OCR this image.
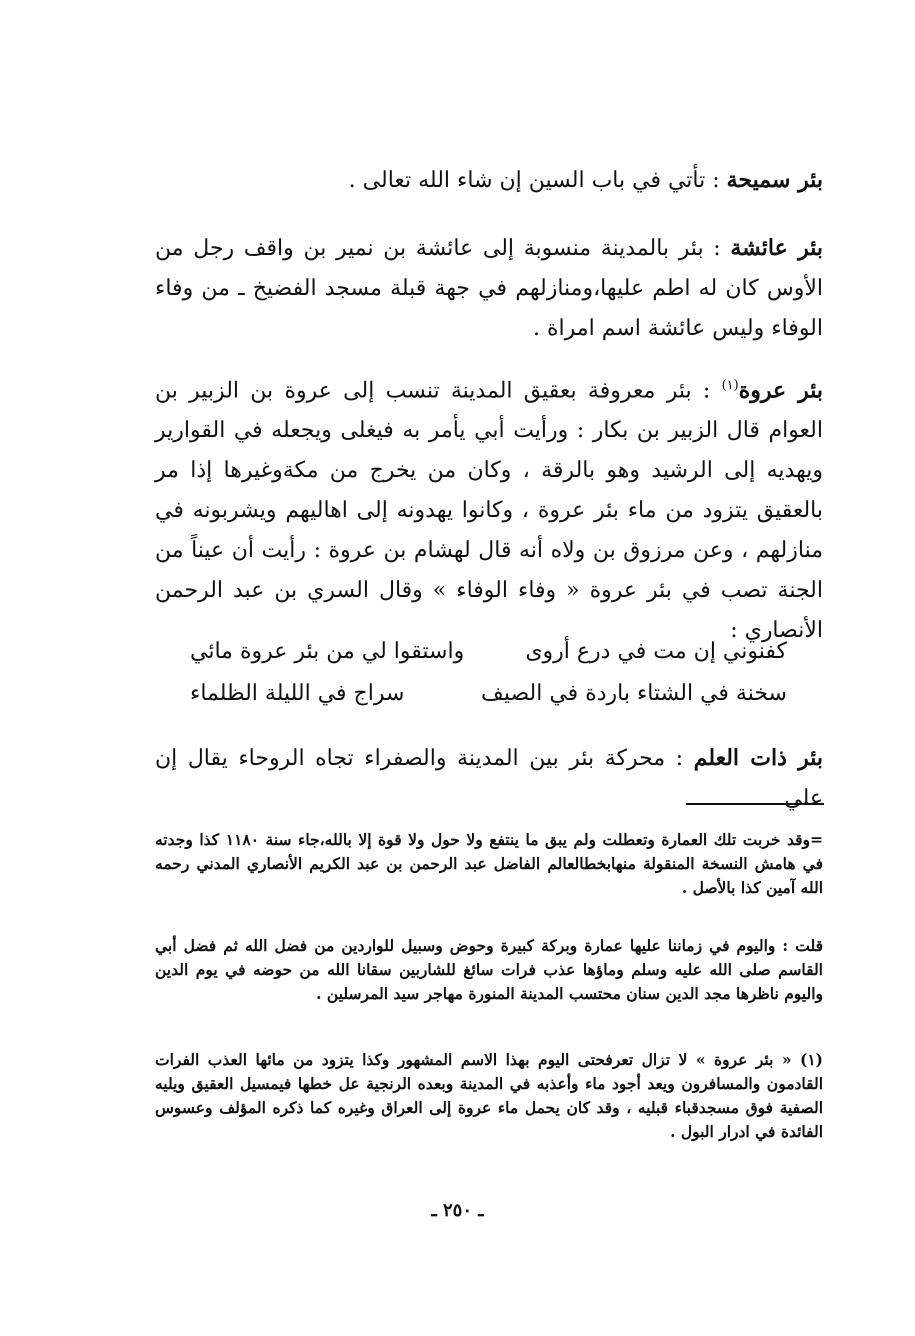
بئر سميحة : تأتي في باب السين إن شاء الله تعالى .

بئر عائشة : بئر بالمدينة منسوبة إلى عائشة بن نمير بن واقف رجل من الأوس كان له اطم عليها،ومنازلهم في جهة قبلة مسجد الفضيخ ـ من وفاء الوفاء وليس عائشة اسم امراة .

بئر عروة$^{(١)}$ : بئر معروفة بعقيق المدينة تنسب إلى عروة بن الزبير بن العوام قال الزبير بن بكار : ورأيت أبي يأمر به فيغلى ويجعله في القوارير ويهديه إلى الرشيد وهو بالرقة ، وكان من يخرج من مكةوغيرها إذا مر بالعقيق يتزود من ماء بئر عروة ، وكانوا يهدونه إلى اهاليهم ويشربونه في منازلهم ، وعن مرزوق بن ولاه أنه قال لهشام بن عروة : رأيت أن عيناً من الجنة تصب في بئر عروة « وفاء الوفاء » وقال السري بن عبد الرحمن الأنصاري :

كفنوني إن مت في درع أروى
واستقوا لي من بئر عروة مائي
سخنة في الشتاء باردة في الصيف
سراج في الليلة الظلماء

بئر ذات العلم : محركة بئر بين المدينة والصفراء تجاه الروحاء يقال إن علي

=وقد خربت تلك العمارة وتعطلت ولم يبق ما ينتفع ولا حول ولا قوة إلا بالله،جاء سنة ١١٨٠ كذا وجدته في هامش النسخة المنقولة منهابخطالعالم الفاضل عبد الرحمن بن عبد الكريم الأنصاري المدني رحمه الله آمين كذا بالأصل .

قلت : واليوم في زماننا عليها عمارة وبركة كبيرة وحوض وسبيل للواردين من فضل الله ثم فضل أبي القاسم صلى الله عليه وسلم وماؤها عذب فرات سائغ للشاربين سقانا الله من حوضه في يوم الدين واليوم ناظرها مجد الدين سنان محتسب المدينة المنورة مهاجر سيد المرسلين .

(١) « بئر عروة » لا تزال تعرفحتى اليوم بهذا الاسم المشهور وكذا يتزود من مائها العذب الفرات القادمون والمسافرون ويعد أجود ماء وأعذبه في المدينة وبعده الرنجية عل خطها فيمسيل العقيق ويليه الصفية فوق مسجدقباء قبليه ، وقد كان يحمل ماء عروة إلى العراق وغيره كما ذكره المؤلف وعسوس الفائدة في ادرار البول .

ـ ٢٥٠ ـ
